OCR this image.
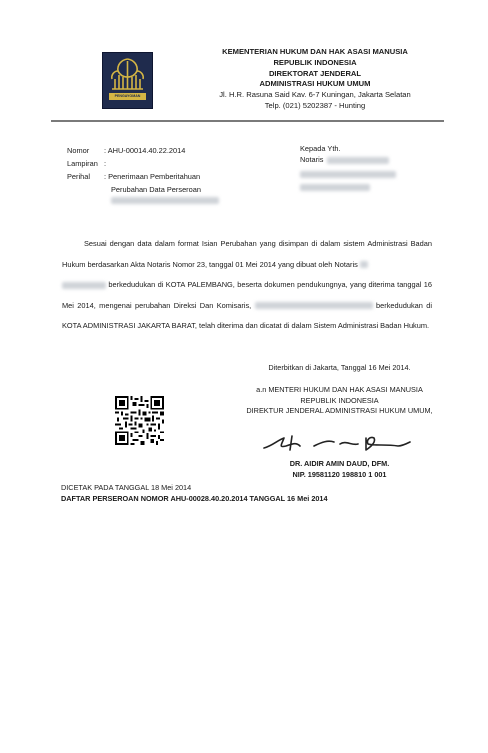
PENGAYOMAN
KEMENTERIAN HUKUM DAN HAK ASASI MANUSIA
REPUBLIK INDONESIA
DIREKTORAT JENDERAL
ADMINISTRASI HUKUM UMUM
Jl. H.R. Rasuna Said Kav. 6-7 Kuningan, Jakarta Selatan
Telp. (021) 5202387 - Hunting
Nomor : AHU-00014.40.22.2014
Lampiran :
Perihal : Penerimaan Pemberitahuan
Perubahan Data Perseroan
Kepada Yth.
Notaris

Sesuai dengan data dalam format Isian Perubahan yang disimpan di dalam sistem Administrasi Badan Hukum berdasarkan Akta Notaris Nomor 23, tanggal 01 Mei 2014 yang dibuat oleh Notaris
berkedudukan di KOTA PALEMBANG, beserta dokumen pendukungnya, yang diterima tanggal 16 Mei 2014, mengenai perubahan Direksi Dan Komisaris,	berkedudukan di KOTA ADMINISTRASI JAKARTA BARAT, telah diterima dan dicatat di dalam Sistem Administrasi Badan Hukum.

Diterbitkan di Jakarta, Tanggal 16 Mei 2014.
a.n MENTERI HUKUM DAN HAK ASASI MANUSIA
REPUBLIK INDONESIA
DIREKTUR JENDERAL ADMINISTRASI HUKUM UMUM,
DR. AIDIR AMIN DAUD, DFM.
NIP. 19581120 198810 1 001
DICETAK PADA TANGGAL 18 Mei 2014
DAFTAR PERSEROAN NOMOR AHU-00028.40.20.2014 TANGGAL 16 Mei 2014
